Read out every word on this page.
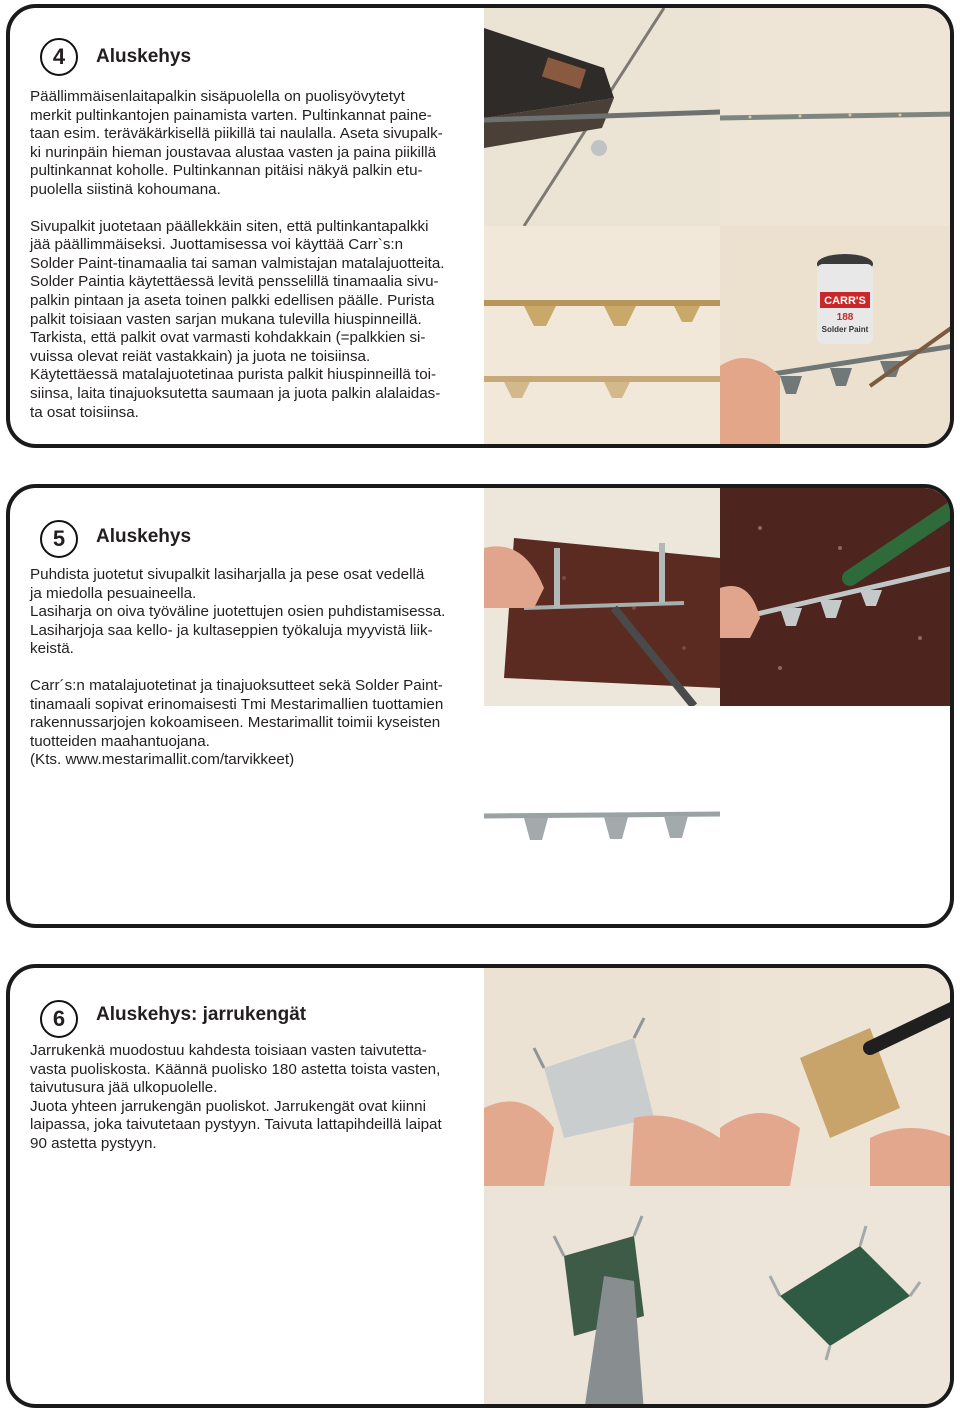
4	Aluskehys

Päällimmäisenlaitapalkin sisäpuolella on puolisyövytetyt
merkit pultinkantojen painamista varten. Pultinkannat paine-
taan esim. teräväkärkisellä piikillä tai naulalla. Aseta sivupalk-
ki nurinpäin hieman joustavaa alustaa vasten ja paina piikillä
pultinkannat koholle. Pultinkannan pitäisi näkyä palkin etu-
puolella siistinä kohoumana.

Sivupalkit juotetaan päällekkäin siten, että pultinkantapalkki
jää päällimmäiseksi. Juottamisessa voi käyttää Carr`s:n
Solder Paint-tinamaalia tai saman valmistajan matalajuotteita.
Solder Paintia käytettäessä levitä pensselillä tinamaalia sivu-
palkin pintaan ja aseta toinen palkki edellisen päälle. Purista
palkit toisiaan vasten sarjan mukana tulevilla hiuspinneillä.
Tarkista, että palkit ovat varmasti kohdakkain (=palkkien si-
vuissa olevat reiät vastakkain) ja juota ne toisiinsa.
Käytettäessä matalajuotetinaa purista palkit hiuspinneillä toi-
siinsa, laita tinajuoksutetta saumaan ja juota palkin alalaidas-
ta osat toisiinsa.

CARR'S
188
Solder Paint
5	Aluskehys

Puhdista juotetut sivupalkit lasiharjalla ja pese osat vedellä
ja miedolla pesuaineella.
Lasiharja on oiva työväline juotettujen osien puhdistamisessa.
Lasiharjoja saa kello- ja kultaseppien työkaluja myyvistä liik-
keistä.

Carr´s:n matalajuotetinat ja tinajuoksutteet sekä Solder Paint-
tinamaali sopivat erinomaisesti Tmi Mestarimallien tuottamien
rakennussarjojen kokoamiseen. Mestarimallit toimii kyseisten
tuotteiden maahantuojana.
(Kts. www.mestarimallit.com/tarvikkeet)

6	Aluskehys: jarrukengät

Jarrukenkä muodostuu kahdesta toisiaan vasten taivutetta-
vasta puoliskosta. Käännä puolisko 180 astetta toista vasten,
taivutusura jää ulkopuolelle.
Juota yhteen jarrukengän puoliskot. Jarrukengät ovat kiinni
laipassa, joka taivutetaan pystyyn. Taivuta lattapihdeillä laipat
90 astetta pystyyn.
